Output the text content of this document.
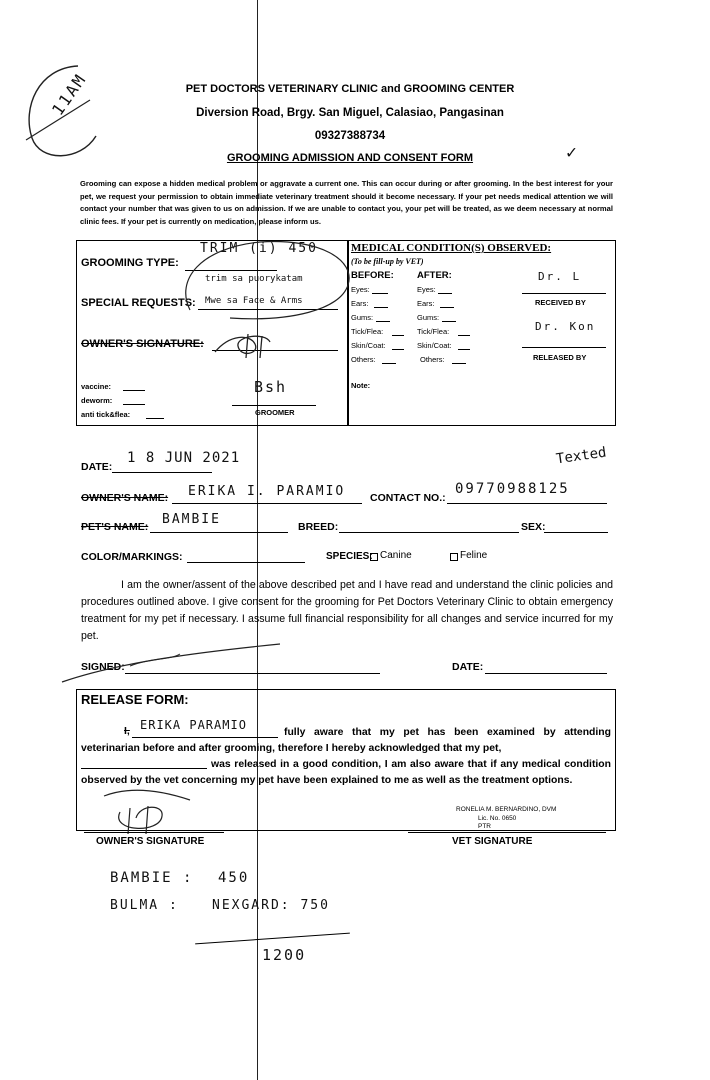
11AM	PET DOCTORS VETERINARY CLINIC and GROOMING CENTER
Diversion Road, Brgy. San Miguel, Calasiao, Pangasinan
09327388734
GROOMING ADMISSION AND CONSENT FORM	✓
Grooming can expose a hidden medical problem or aggravate a current one. This can occur during or after grooming. In the best interest for your pet, we request your permission to obtain immediate veterinary treatment should it become necessary. If your pet needs medical attention we will contact your number that was given to us on admission. If we are unable to contact you, your pet will be treated, as we deem necessary at normal clinic fees. If your pet is currently on medication, please inform us.
GROOMING TYPE:
TRIM (i) 450
trim sa puorykatam
SPECIAL REQUESTS: Mwe sa Face & Arms
OWNER'S SIGNATURE:
vaccine:
deworm:
anti tick&flea:
Bsh
GROOMER
MEDICAL CONDITION(S) OBSERVED:
(To be fill-up by VET)
BEFORE: AFTER:
Eyes:	Eyes:
Ears:	Ears:
Gums:	Gums:
Tick/Flea:	Tick/Flea:
Skin/Coat:	Skin/Coat:
Others:	Others:
Dr. L
RECEIVED BY
Dr. Kon
RELEASED BY
Note:
Texted
DATE:
1 8 JUN 2021
OWNER'S NAME: ERIKA I. PARAMIO CONTACT NO.:
09770988125
PET'S NAME: BAMBIE	BREED:	SEX:
COLOR/MARKINGS:	SPECIES: Canine	Feline
I am the owner/assent of the above described pet and I have read and understand the clinic policies and procedures outlined above. I give consent for the grooming for Pet Doctors Veterinary Clinic to obtain emergency treatment for my pet if necessary. I assume full financial responsibility for all changes and service incurred for my pet.
SIGNED:	DATE:
RELEASE FORM:
I, ERIKA PARAMIO
fully aware that my pet has been examined by attending veterinarian before and after grooming, therefore I hereby acknowledged that my pet,
was released in a good condition, I am also aware that if any medical condition observed by the vet concerning my pet have been explained to me as well as the treatment options.
OWNER'S SIGNATURE
RONELIA M. BERNARDINO, DVM
Lic. No. 0650
PTR
VET SIGNATURE
BAMBIE : 450
BULMA :	NEXGARD: 750
1200
